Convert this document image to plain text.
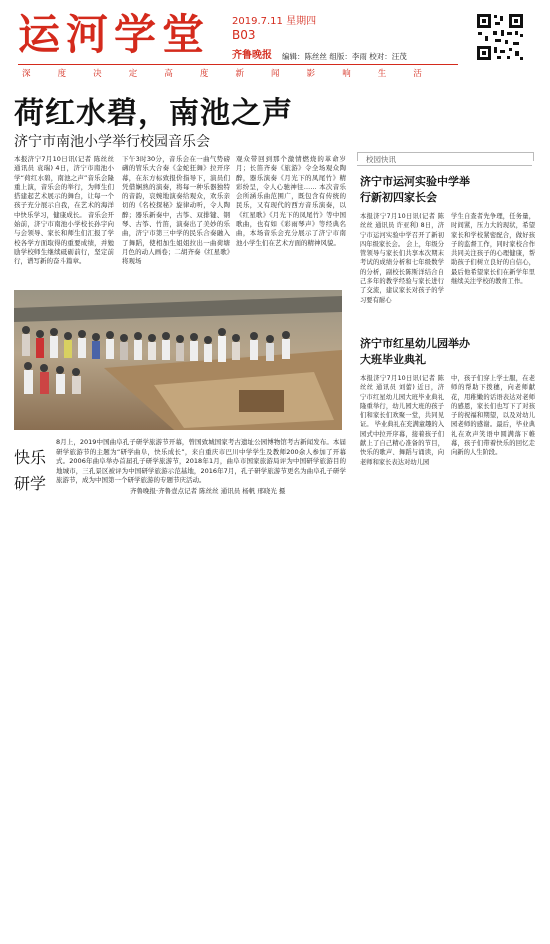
运河学堂 2019.7.11 星期四
B03
齐鲁晚报 编辑：陈丝丝 组版：李雨 校对：汪茂
深	度	决	定	高	度	新	闻	影	响	生	活
荷红水碧，南池之声
济宁市南池小学举行校园音乐会
本报济宁7月10日讯(记者 陈丝丝 通讯员 袁瑞) 4日，济宁市南池小学“荷红水碧，南池之声”音乐会隆重上演，音乐会的举行，为师生们搭建起艺术展示的舞台，让每一个孩子充分展示自我，在艺术的海洋中快乐学习，健康成长。 音乐会开始前，济宁市南池小学校长孙宇向与会领导、家长和师生们汇报了学校各学方面取得的重要成绩，并勉励学校师生继续砥砺前行，坚定前行，谱写新的奋斗篇章。
下午3时30分，音乐会在一曲气势磅礴的管乐大合奏《金蛇狂舞》拉开序幕，在东方标致报价指导下，演员们凭借娴熟的演奏，将每一种乐器独特的音韵，哀婉地演奏给观众，欢乐亲切的《名校探秘》旋律动听，令人陶醉；器乐新奏中，古筝、双排键、钢琴、古筝、竹笛，演奏出了美妙的乐曲，济宁市第三中学的民乐合奏融入了舞蹈，使相加生姐姐拉出一曲荷塘月色的动人画卷；二胡齐奏《红星歌》将观场
观众带回到那个激情燃烧的革命岁月；长笛齐奏《旅游》令全场观众陶醉，器乐演奏《月光下的凤尾竹》精彩纷呈，令人心驰神往…… 本次音乐会所涵乐曲范围广，既包含有传统的民乐，又有现代的西方音乐演奏，以《红星歌》《月光下的凤尾竹》等中国歌曲，也有如《彩雨琴声》等经典名曲，本场音乐会充分展示了济宁市南池小学生们在艺术方面的精神风貌。
快乐
研学
8月上，2019中国曲阜孔子研学旅游节开幕，曾国致城国家考古遗址公园博物馆考古新闻发布。本届研学旅游节的主题为“研学曲阜，快乐成长”，来自重庆市巴川中学学生及教师200余人参加了开幕式。2006年曲阜举办首届孔子研学旅游节，2018年1月，曲阜市国家旅游局评为中国研学旅游目的地城市，三孔景区被评为中国研学旅游示范基地，2016年7月，孔子研学旅游节更名为曲阜孔子研学旅游节，成为中国第一个研学旅游的专题节庆活动。
齐鲁晚报·齐鲁壹点记者 陈丝丝 通讯员 杨帆 邢晓光 摄
校园快讯
济宁市运河实验中学举行新初四家长会
本报济宁7月10日讯(记者 陈丝丝 通讯员 许亚利) 8日，济宁市运河实验中学召开了新初四年级家长会。 会上，年级分管领导与家长们共享本次期末考试的成绩分析和七年级数学的分析，副校长陈斯洋结合自己多年的教学经验与家长进行了交流，建议家长对孩子的学习要有耐心
学生自查者先争理，任务量，时间紧，压力大的现状，希望家长和学校紧密配合，做好孩子的监督工作，同时家校合作共同关注孩子的心理健康，帮助孩子们树立良好的自信心，最后他希望家长们在新学年里继续关注学校的教育工作。
济宁市红星幼儿园举办大班毕业典礼
本报济宁7月10日讯(记者 陈丝丝 通讯员 刘蕾) 近日，济宁市红星幼儿园大班毕业典礼隆重举行，幼儿园大班的孩子们和家长们欢聚一堂，共同见证。 毕业典礼在充满童趣的入园式中拉开序幕，接着孩子们献上了自己精心准备的节目，快乐的歌声、舞蹈与诵读，向老师和家长表达对幼儿园
中，孩子们穿上学士服，在老师的帮助下拨穗，向老师献花，用稚嫩的话语表达对老师的感恩，家长们也写下了对孩子的祝福和期望，以及对幼儿园老师的感谢。最后，毕业典礼在欢声笑语中圆满落下帷幕，孩子们带着快乐的回忆走向新的人生阶段。
